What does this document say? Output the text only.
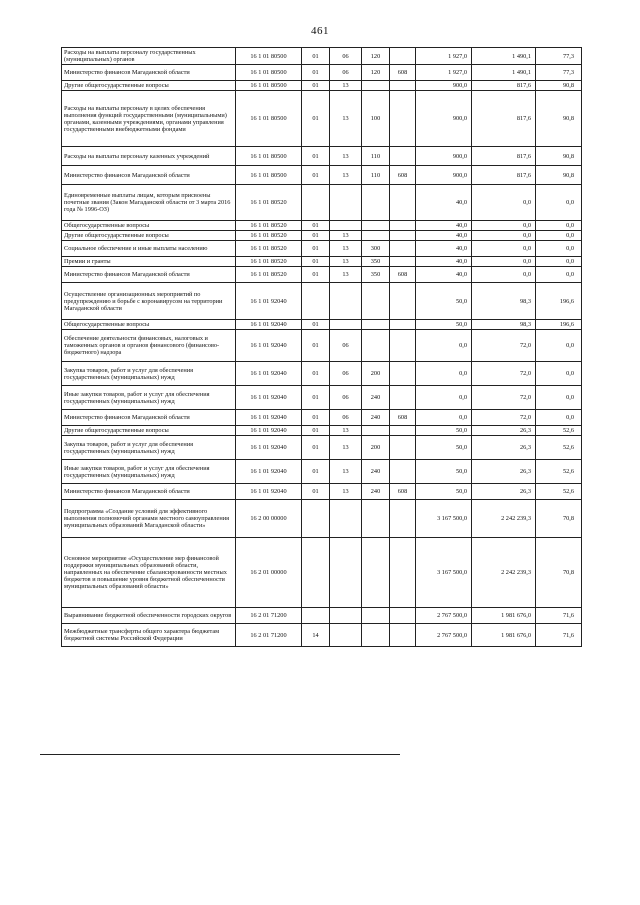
461
Расходы на выплаты персоналу государственных (муниципальных) органов	16 1 01 80500	01	06	120		1 927,0	1 490,1	77,3
Министерство финансов Магаданской области	16 1 01 80500	01	06	120	608	1 927,0	1 490,1	77,3
Другие общегосударственные вопросы	16 1 01 80500	01	13			900,0	817,6	90,8
Расходы на выплаты персоналу в целях обеспечения выполнения функций государственными (муниципальными) органами, казенными учреждениями, органами управления государственными внебюджетными фондами	16 1 01 80500	01	13	100		900,0	817,6	90,8
Расходы на выплаты персоналу казенных учреждений	16 1 01 80500	01	13	110		900,0	817,6	90,8
Министерство финансов Магаданской области	16 1 01 80500	01	13	110	608	900,0	817,6	90,8
Единовременные выплаты лицам, которым присвоены почетные звания (Закон Магаданской области от 3 марта 2016 года № 1996-ОЗ)	16 1 01 80520					40,0	0,0	0,0
Общегосударственные вопросы	16 1 01 80520	01				40,0	0,0	0,0
Другие общегосударственные вопросы	16 1 01 80520	01	13			40,0	0,0	0,0
Социальное обеспечение и иные выплаты населению	16 1 01 80520	01	13	300		40,0	0,0	0,0
Премии и гранты	16 1 01 80520	01	13	350		40,0	0,0	0,0
Министерство финансов Магаданской области	16 1 01 80520	01	13	350	608	40,0	0,0	0,0
Осуществление организационных мероприятий по предупреждению и борьбе с коронавирусом на территории Магаданской области	16 1 01 92040					50,0	98,3	196,6
Общегосударственные вопросы	16 1 01 92040	01				50,0	98,3	196,6
Обеспечение деятельности финансовых, налоговых и таможенных органов и органов финансового (финансово-бюджетного) надзора	16 1 01 92040	01	06			0,0	72,0	0,0
Закупка товаров, работ и услуг для обеспечения государственных (муниципальных) нужд	16 1 01 92040	01	06	200		0,0	72,0	0,0
Иные закупки товаров, работ и услуг для обеспечения государственных (муниципальных) нужд	16 1 01 92040	01	06	240		0,0	72,0	0,0
Министерство финансов Магаданской области	16 1 01 92040	01	06	240	608	0,0	72,0	0,0
Другие общегосударственные вопросы	16 1 01 92040	01	13			50,0	26,3	52,6
Закупка товаров, работ и услуг для обеспечения государственных (муниципальных) нужд	16 1 01 92040	01	13	200		50,0	26,3	52,6
Иные закупки товаров, работ и услуг для обеспечения государственных (муниципальных) нужд	16 1 01 92040	01	13	240		50,0	26,3	52,6
Министерство финансов Магаданской области	16 1 01 92040	01	13	240	608	50,0	26,3	52,6
Подпрограмма «Создание условий для эффективного выполнения полномочий органами местного самоуправления муниципальных образований Магаданской области»	16 2 00 00000					3 167 500,0	2 242 239,3	70,8
Основное мероприятие «Осуществление мер финансовой поддержки муниципальных образований области, направленных на обеспечение сбалансированности местных бюджетов и повышение уровня бюджетной обеспеченности муниципальных образований области»	16 2 01 00000					3 167 500,0	2 242 239,3	70,8
Выравнивание бюджетной обеспеченности городских округов	16 2 01 71200					2 767 500,0	1 981 676,0	71,6
Межбюджетные трансферты общего характера бюджетам бюджетной системы Российской Федерации	16 2 01 71200	14				2 767 500,0	1 981 676,0	71,6
